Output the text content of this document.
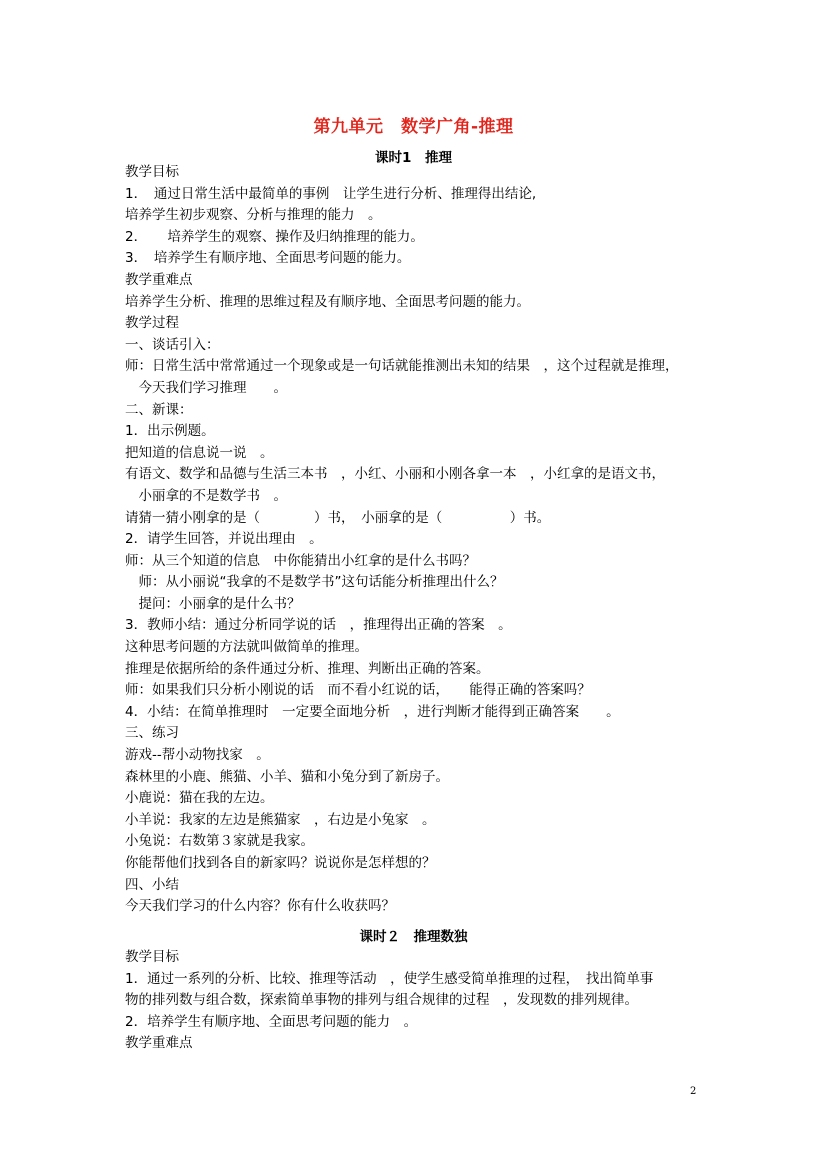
第九单元　数学广角-推理
课时1　推理
教学目标
1．　通过日常生活中最简单的事例　让学生进行分析、推理得出结论,
培养学生初步观察、分析与推理的能力　。
2．　　培养学生的观察、操作及归纳推理的能力。
3．　培养学生有顺序地、全面思考问题的能力。
教学重难点
培养学生分析、推理的思维过程及有顺序地、全面思考问题的能力。
教学过程
一、谈话引入：
师：日常生活中常常通过一个现象或是一句话就能推测出未知的结果　，这个过程就是推理，
　今天我们学习推理　　。
二、新课：
1．出示例题。
把知道的信息说一说　。
有语文、数学和品德与生活三本书　，小红、小丽和小刚各拿一本　，小红拿的是语文书，
　小丽拿的不是数学书　。
请猜一猜小刚拿的是（　　　　）书，　小丽拿的是（　　　　　）书。
2．请学生回答，并说出理由　。
师：从三个知道的信息　中你能猜出小红拿的是什么书吗？
　师：从小丽说“我拿的不是数学书”这句话能分析推理出什么？
　提问：小丽拿的是什么书？
3．教师小结：通过分析同学说的话　，推理得出正确的答案　。
这种思考问题的方法就叫做简单的推理。
推理是依据所给的条件通过分析、推理、判断出正确的答案。
师：如果我们只分析小刚说的话　而不看小红说的话，　　能得正确的答案吗？
4．小结：在简单推理时　一定要全面地分析　，进行判断才能得到正确答案　　。
三、练习
游戏--帮小动物找家　。
森林里的小鹿、熊猫、小羊、猫和小兔分到了新房子。
小鹿说：猫在我的左边。
小羊说：我家的左边是熊猫家　，右边是小兔家　。
小兔说：右数第３家就是我家。
你能帮他们找到各自的新家吗？说说你是怎样想的？
四、小结
今天我们学习的什么内容？你有什么收获吗？
课时２　推理数独
教学目标
1．通过一系列的分析、比较、推理等活动　，使学生感受简单推理的过程，　找出简单事
物的排列数与组合数，探索简单事物的排列与组合规律的过程　，发现数的排列规律。
2．培养学生有顺序地、全面思考问题的能力　。
教学重难点
2
